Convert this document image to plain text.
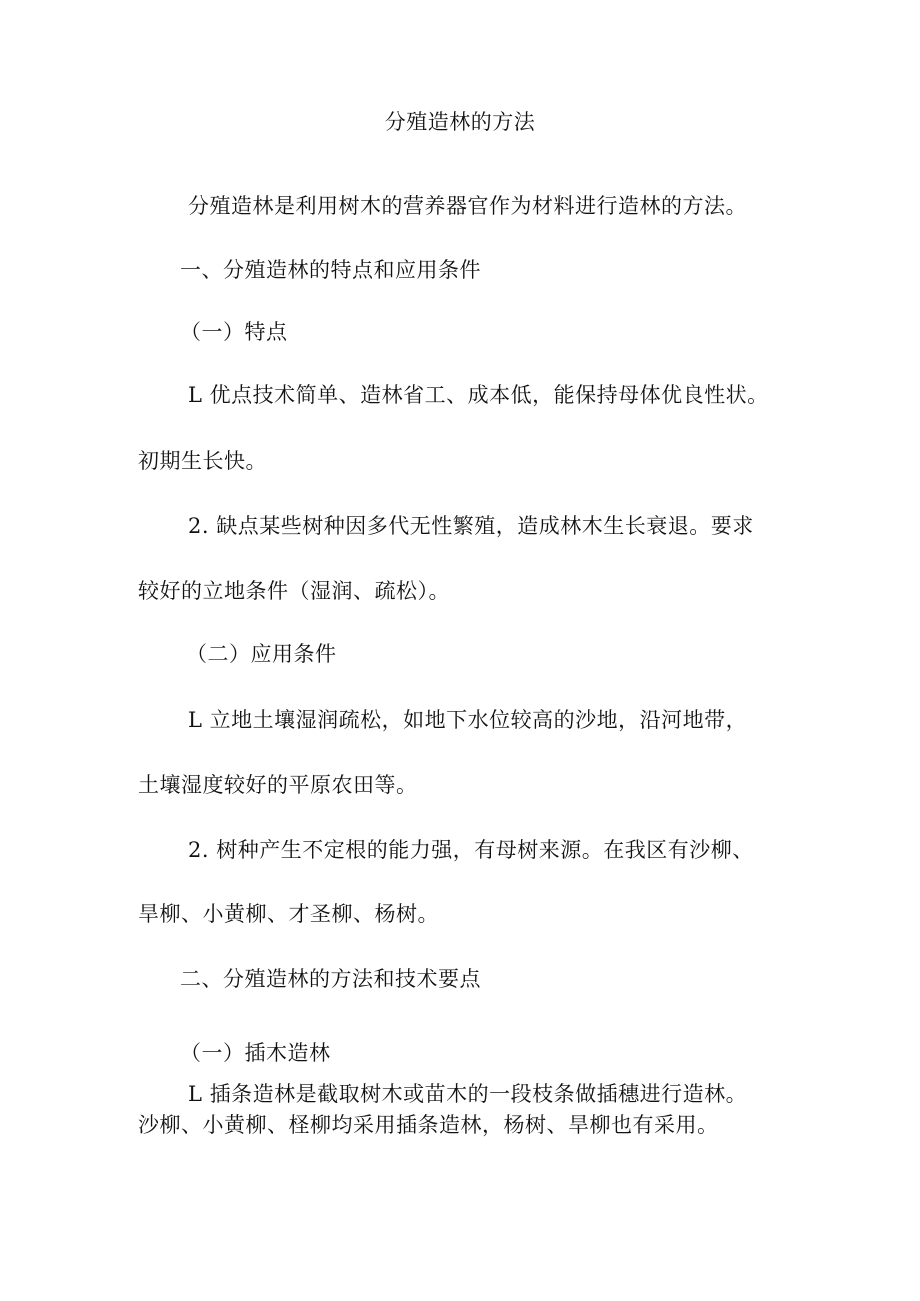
分殖造林的方法
分殖造林是利用树木的营养器官作为材料进行造林的方法。
一、分殖造林的特点和应用条件
（一）特点
L 优点技术简单、造林省工、成本低，能保持母体优良性状。
初期生长快。
2. 缺点某些树种因多代无性繁殖，造成林木生长衰退。要求
较好的立地条件（湿润、疏松）。
（二）应用条件
L 立地土壤湿润疏松，如地下水位较高的沙地，沿河地带，
土壤湿度较好的平原农田等。
2. 树种产生不定根的能力强，有母树来源。在我区有沙柳、
旱柳、小黄柳、才圣柳、杨树。
二、分殖造林的方法和技术要点
（一）插木造林
L 插条造林是截取树木或苗木的一段枝条做插穗进行造林。
沙柳、小黄柳、柽柳均采用插条造林，杨树、旱柳也有采用。
